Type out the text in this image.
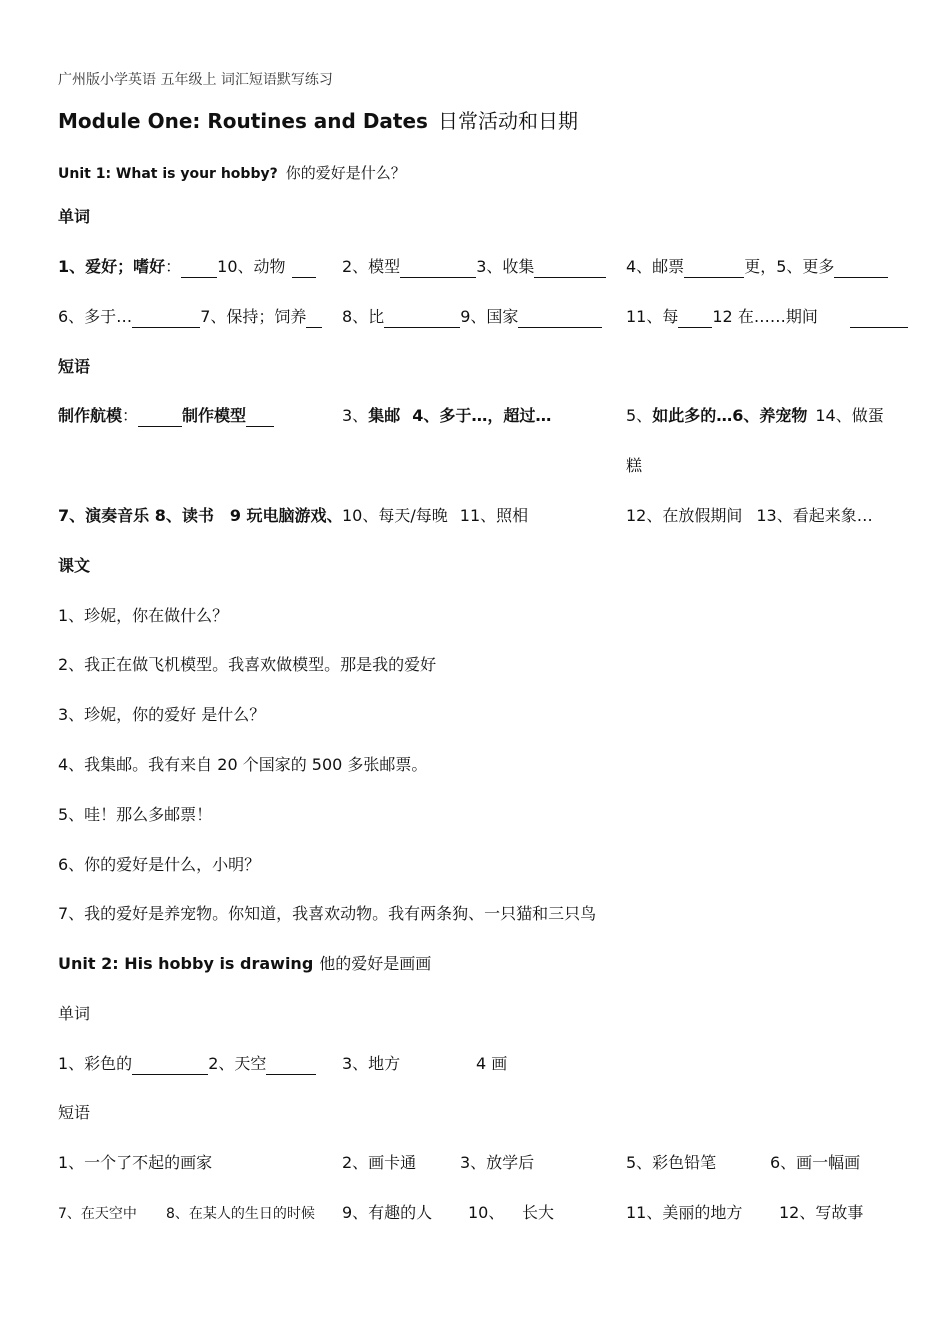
广州版小学英语 五年级上 词汇短语默写练习
Module One: Routines and Dates 日常活动和日期
Unit 1: What is your hobby? 你的爱好是什么？
单词
1、爱好；嗜好： 10、动物	2、模型	3、收集	4、邮票	更，5、更多
6、多于…	7、保持；饲养	8、比	9、国家	11、每 12 在……期间
短语
制作航模：	制作模型	3、集邮 4、多于…，超过…	5、如此多的…6、养宠物 14、做蛋
糕
7、演奏音乐 8、读书 9 玩电脑游戏、 10、每天/每晚 11、照相	12、在放假期间 13、看起来象…
课文
1、珍妮，你在做什么？
2、我正在做飞机模型。我喜欢做模型。那是我的爱好
3、珍妮，你的爱好 是什么？
4、我集邮。我有来自 20 个国家的 500 多张邮票。
5、哇！那么多邮票！
6、你的爱好是什么，小明？
7、我的爱好是养宠物。你知道，我喜欢动物。我有两条狗、一只猫和三只鸟
Unit 2: His hobby is drawing 他的爱好是画画
单词
1、彩色的	2、天空	3、地方	4 画
短语
1、一个了不起的画家	2、画卡通	3、放学后	5、彩色铅笔	6、画一幅画
7、在天空中 8、在某人的生日的时候 9、有趣的人 10、 长大	11、美丽的地方 12、写故事
